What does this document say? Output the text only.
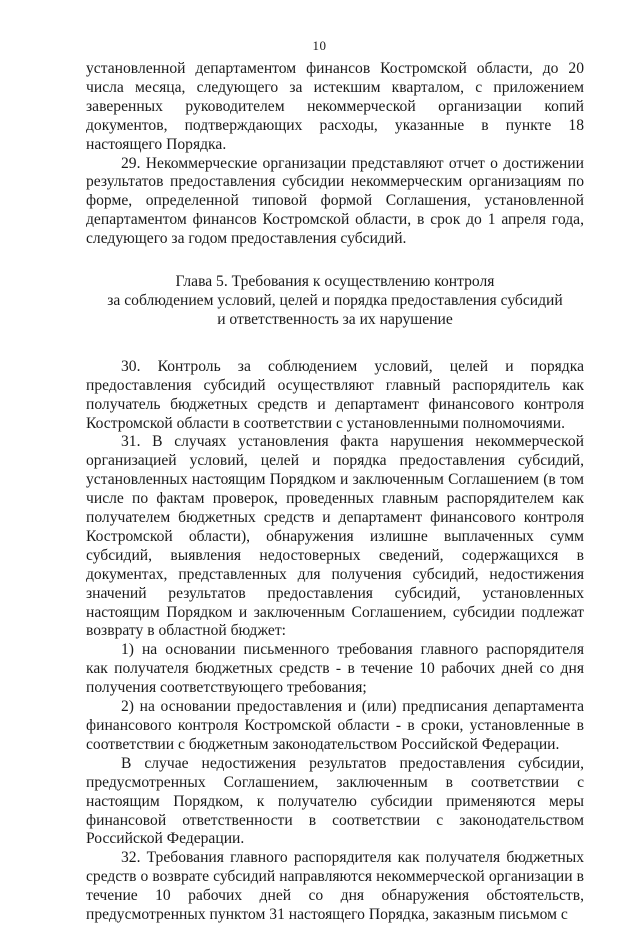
10

установленной департаментом финансов Костромской области, до 20 числа месяца, следующего за истекшим кварталом, с приложением заверенных руководителем некоммерческой организации копий документов, подтверждающих расходы, указанные в пункте 18 настоящего Порядка.

29. Некоммерческие организации представляют отчет о достижении результатов предоставления субсидии некоммерческим организациям по форме, определенной типовой формой Соглашения, установленной департаментом финансов Костромской области, в срок до 1 апреля года, следующего за годом предоставления субсидий.

Глава 5. Требования к осуществлению контроля
за соблюдением условий, целей и порядка предоставления субсидий
и ответственность за их нарушение

30. Контроль за соблюдением условий, целей и порядка предоставления субсидий осуществляют главный распорядитель как получатель бюджетных средств и департамент финансового контроля Костромской области в соответствии с установленными полномочиями.

31. В случаях установления факта нарушения некоммерческой организацией условий, целей и порядка предоставления субсидий, установленных настоящим Порядком и заключенным Соглашением (в том числе по фактам проверок, проведенных главным распорядителем как получателем бюджетных средств и департамент финансового контроля Костромской области), обнаружения излишне выплаченных сумм субсидий, выявления недостоверных сведений, содержащихся в документах, представленных для получения субсидий, недостижения значений результатов предоставления субсидий, установленных настоящим Порядком и заключенным Соглашением, субсидии подлежат возврату в областной бюджет:

1) на основании письменного требования главного распорядителя как получателя бюджетных средств - в течение 10 рабочих дней со дня получения соответствующего требования;

2) на основании предоставления и (или) предписания департамента финансового контроля Костромской области - в сроки, установленные в соответствии с бюджетным законодательством Российской Федерации.

В случае недостижения результатов предоставления субсидии, предусмотренных Соглашением, заключенным в соответствии с настоящим Порядком, к получателю субсидии применяются меры финансовой ответственности в соответствии с законодательством Российской Федерации.

32. Требования главного распорядителя как получателя бюджетных средств о возврате субсидий направляются некоммерческой организации в течение 10 рабочих дней со дня обнаружения обстоятельств, предусмотренных пунктом 31 настоящего Порядка, заказным письмом с
